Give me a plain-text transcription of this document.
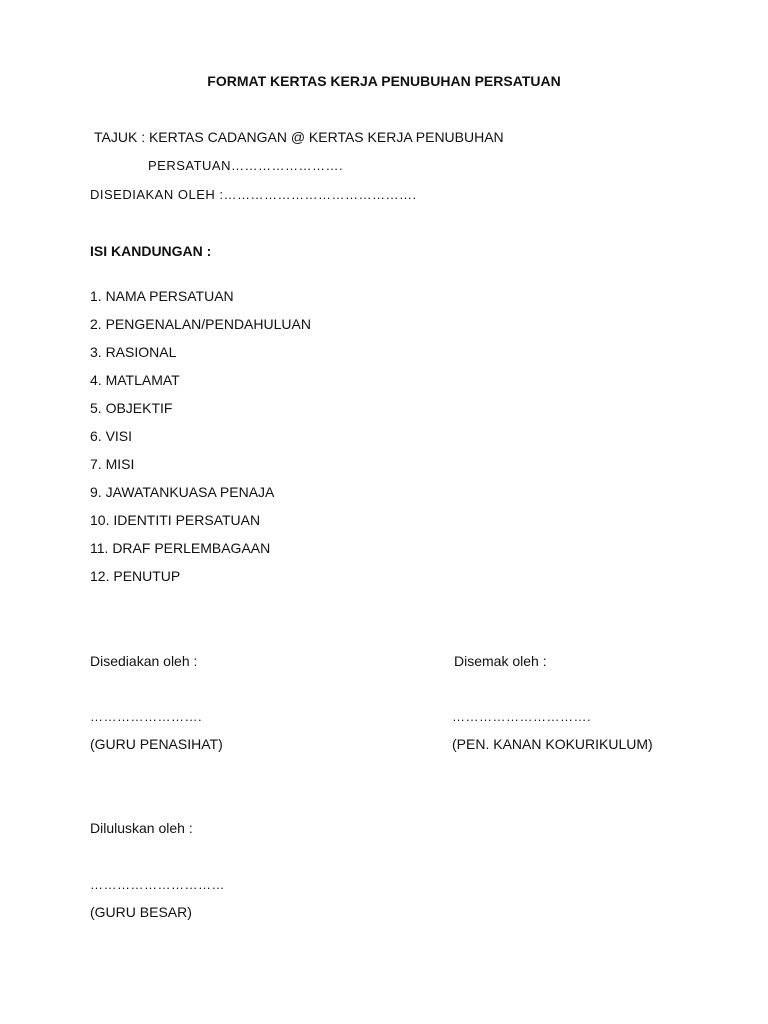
FORMAT KERTAS KERJA PENUBUHAN PERSATUAN
TAJUK : KERTAS CADANGAN @ KERTAS KERJA PENUBUHAN
PERSATUAN…………………….
DISEDIAKAN OLEH :…………………………………….
ISI KANDUNGAN :
1. NAMA PERSATUAN
2. PENGENALAN/PENDAHULUAN
3. RASIONAL
4. MATLAMAT
5. OBJEKTIF
6. VISI
7. MISI
9. JAWATANKUASA PENAJA
10. IDENTITI PERSATUAN
11. DRAF PERLEMBAGAAN
12. PENUTUP
Disediakan oleh :	Disemak oleh :
…………………….	………………………….
(GURU PENASIHAT)	(PEN. KANAN KOKURIKULUM)
Diluluskan oleh :
…………………………
(GURU BESAR)
